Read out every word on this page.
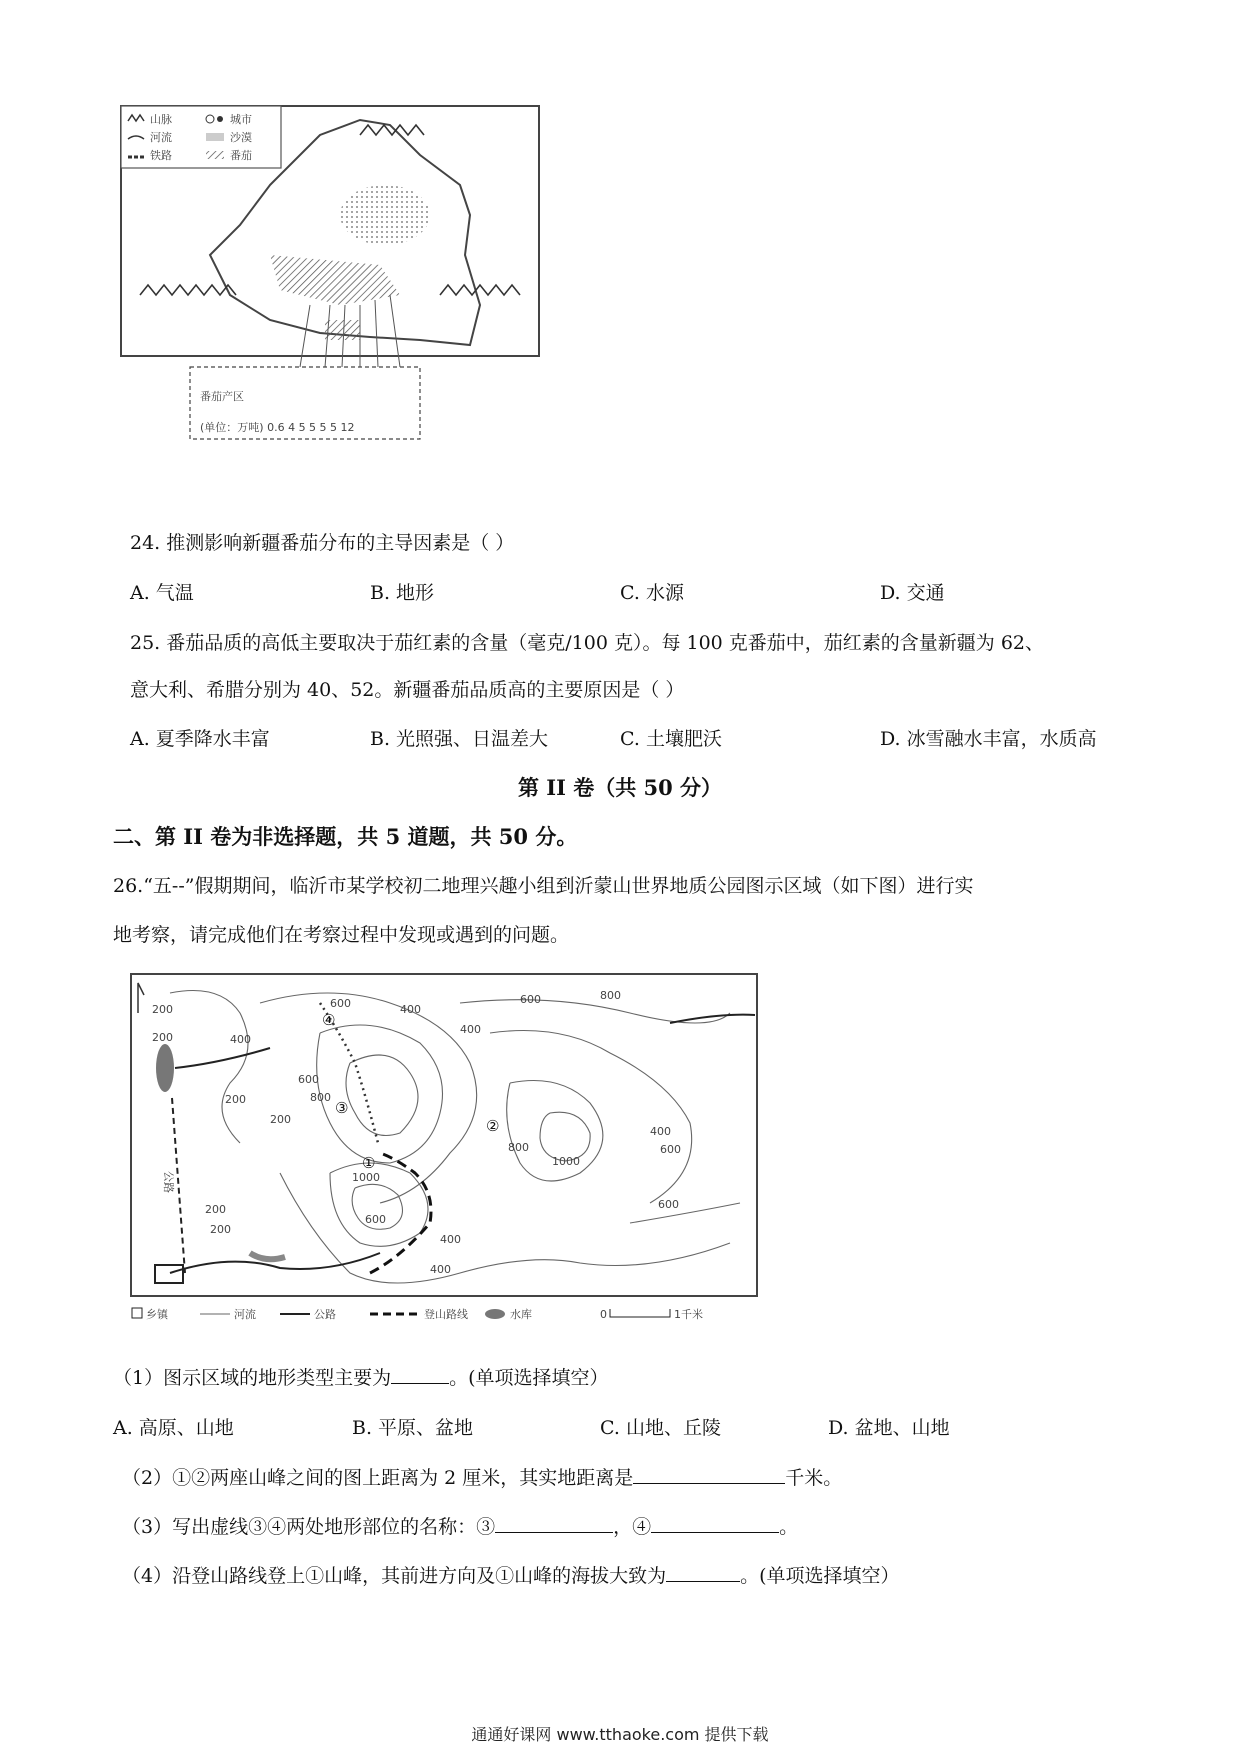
山脉	城市
河流	沙漠
铁路	番茄
番茄产区
(单位：万吨) 0.6 4 5 5 5 5 12
24. 推测影响新疆番茄分布的主导因素是（ ）
A. 气温	B. 地形	C. 水源	D. 交通
25. 番茄品质的高低主要取决于茄红素的含量（毫克/100 克）。每 100 克番茄中，茄红素的含量新疆为 62、
意大利、希腊分别为 40、52。新疆番茄品质高的主要原因是（ ）
A. 夏季降水丰富	B. 光照强、日温差大	C. 土壤肥沃	D. 冰雪融水丰富，水质高
第 II 卷（共 50 分）
二、第 II 卷为非选择题，共 5 道题，共 50 分。
26.“五--”假期期间，临沂市某学校初二地理兴趣小组到沂蒙山世界地质公园图示区域（如下图）进行实
地考察，请完成他们在考察过程中发现或遇到的问题。
200
200	400
600	400
200
600
400
600	800
800
200
400
600
800
1000
1000
600
400
600
200
200
400
①
②
③
④
公路
乡镇	河流	公路	登山路线	水库	0	1千米
（1）图示区域的地形类型主要为	。(单项选择填空）
A. 高原、山地	B. 平原、盆地	C. 山地、丘陵	D. 盆地、山地
（2）①②两座山峰之间的图上距离为 2 厘米，其实地距离是	千米。
（3）写出虚线③④两处地形部位的名称：③	，④	。
（4）沿登山路线登上①山峰，其前进方向及①山峰的海拔大致为	。(单项选择填空）
通通好课网 www.tthaoke.com 提供下载
